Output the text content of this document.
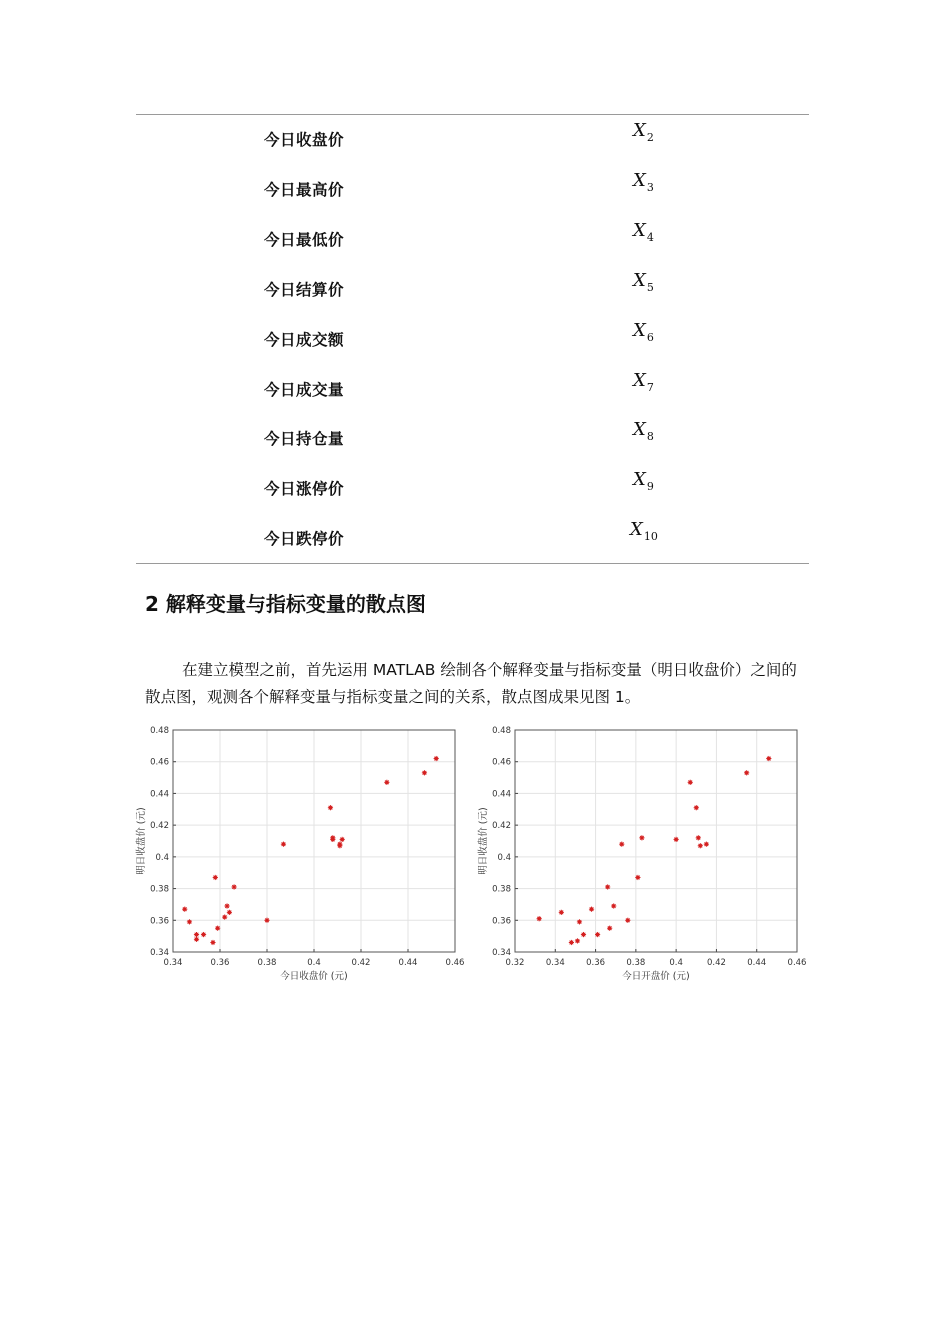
今日收盘价	$X_2$
今日最高价	$X_3$
今日最低价	$X_4$
今日结算价	$X_5$
今日成交额	$X_6$
今日成交量	$X_7$
今日持仓量	$X_8$
今日涨停价	$X_9$
今日跌停价	$X_{10}$
2 解释变量与指标变量的散点图
在建立模型之前，首先运用 MATLAB 绘制各个解释变量与指标变量（明日收盘价）之间的散点图，观测各个解释变量与指标变量之间的关系，散点图成果见图 1。
0.34	0.36	0.38	0.4	0.42	0.44	0.46
0.34
0.36
0.38
0.4
0.42
0.44
0.46
0.48
今日收盘价 (元)
明日收盘价 (元)
0.32	0.34	0.36	0.38	0.4	0.42	0.44	0.46
0.34
0.36
0.38
0.4
0.42
0.44
0.46
0.48
今日开盘价 (元)
明日收盘价 (元)
